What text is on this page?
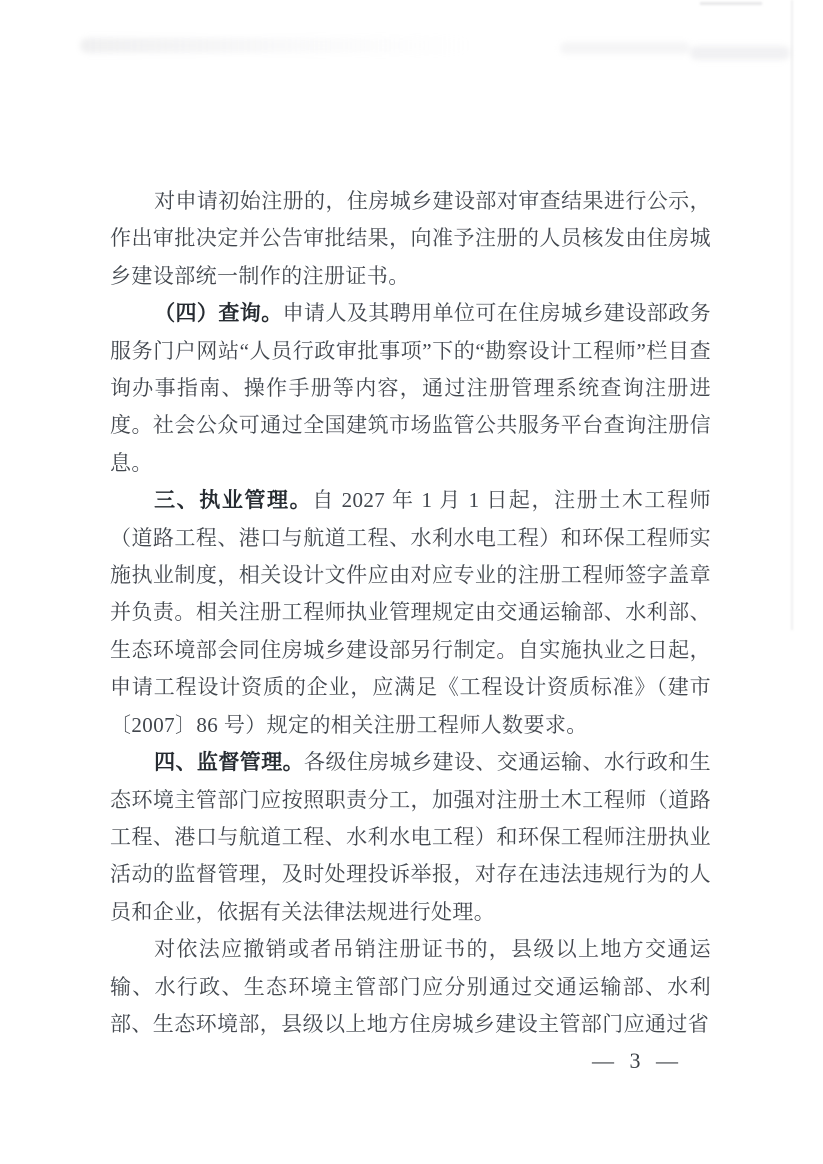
对申请初始注册的，住房城乡建设部对审查结果进行公示，作出审批决定并公告审批结果，向准予注册的人员核发由住房城乡建设部统一制作的注册证书。

（四）查询。申请人及其聘用单位可在住房城乡建设部政务服务门户网站“人员行政审批事项”下的“勘察设计工程师”栏目查询办事指南、操作手册等内容，通过注册管理系统查询注册进度。社会公众可通过全国建筑市场监管公共服务平台查询注册信息。

三、执业管理。自 2027 年 1 月 1 日起，注册土木工程师（道路工程、港口与航道工程、水利水电工程）和环保工程师实施执业制度，相关设计文件应由对应专业的注册工程师签字盖章并负责。相关注册工程师执业管理规定由交通运输部、水利部、生态环境部会同住房城乡建设部另行制定。自实施执业之日起，申请工程设计资质的企业，应满足《工程设计资质标准》（建市〔2007〕86 号）规定的相关注册工程师人数要求。

四、监督管理。各级住房城乡建设、交通运输、水行政和生态环境主管部门应按照职责分工，加强对注册土木工程师（道路工程、港口与航道工程、水利水电工程）和环保工程师注册执业活动的监督管理，及时处理投诉举报，对存在违法违规行为的人员和企业，依据有关法律法规进行处理。

对依法应撤销或者吊销注册证书的，县级以上地方交通运输、水行政、生态环境主管部门应分别通过交通运输部、水利部、生态环境部，县级以上地方住房城乡建设主管部门应通过省

— 3 —
